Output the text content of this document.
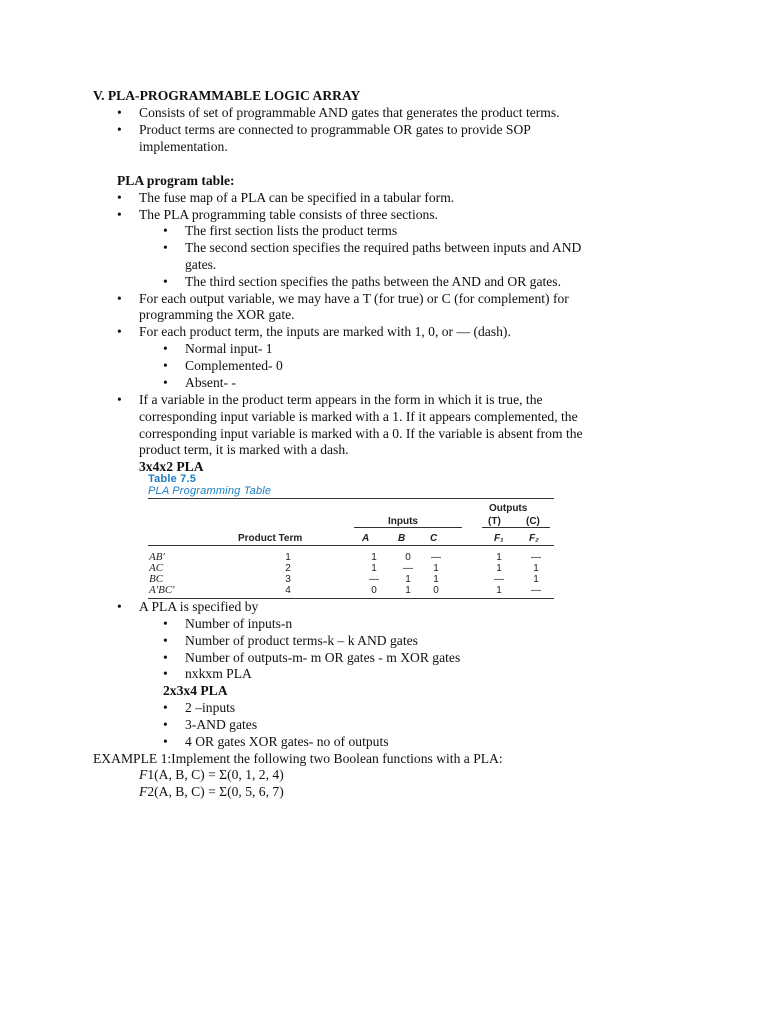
V. PLA-PROGRAMMABLE LOGIC ARRAY
• Consists of set of programmable AND gates that generates the product terms.
• Product terms are connected to programmable OR gates to provide SOP
implementation.
PLA program table:
• The fuse map of a PLA can be specified in a tabular form.
• The PLA programming table consists of three sections.
• The first section lists the product terms
• The second section specifies the required paths between inputs and AND
gates.
• The third section specifies the paths between the AND and OR gates.
• For each output variable, we may have a T (for true) or C (for complement) for
programming the XOR gate.
• For each product term, the inputs are marked with 1, 0, or — (dash).
• Normal input- 1
• Complemented- 0
• Absent- -
• If a variable in the product term appears in the form in which it is true, the
corresponding input variable is marked with a 1. If it appears complemented, the
corresponding input variable is marked with a 0. If the variable is absent from the
product term, it is marked with a dash.
3x4x2 PLA
Table 7.5
PLA Programming Table
Outputs
Inputs	(T)	(C)
Product Term	A	B C	F₁	F₂
AB′	1	1	0	—	1	—
AC	2	1	—	1	1	1
BC	3	—	1	1	—	1
A′BC′	4	0	1	0	1	—
• A PLA is specified by
• Number of inputs-n
• Number of product terms-k – k AND gates
• Number of outputs-m- m OR gates - m XOR gates
• nxkxm PLA
2x3x4 PLA
• 2 –inputs
• 3-AND gates
• 4 OR gates XOR gates- no of outputs
EXAMPLE 1:Implement the following two Boolean functions with a PLA:
F1(A, B, C) = Σ(0, 1, 2, 4)
F2(A, B, C) = Σ(0, 5, 6, 7)
